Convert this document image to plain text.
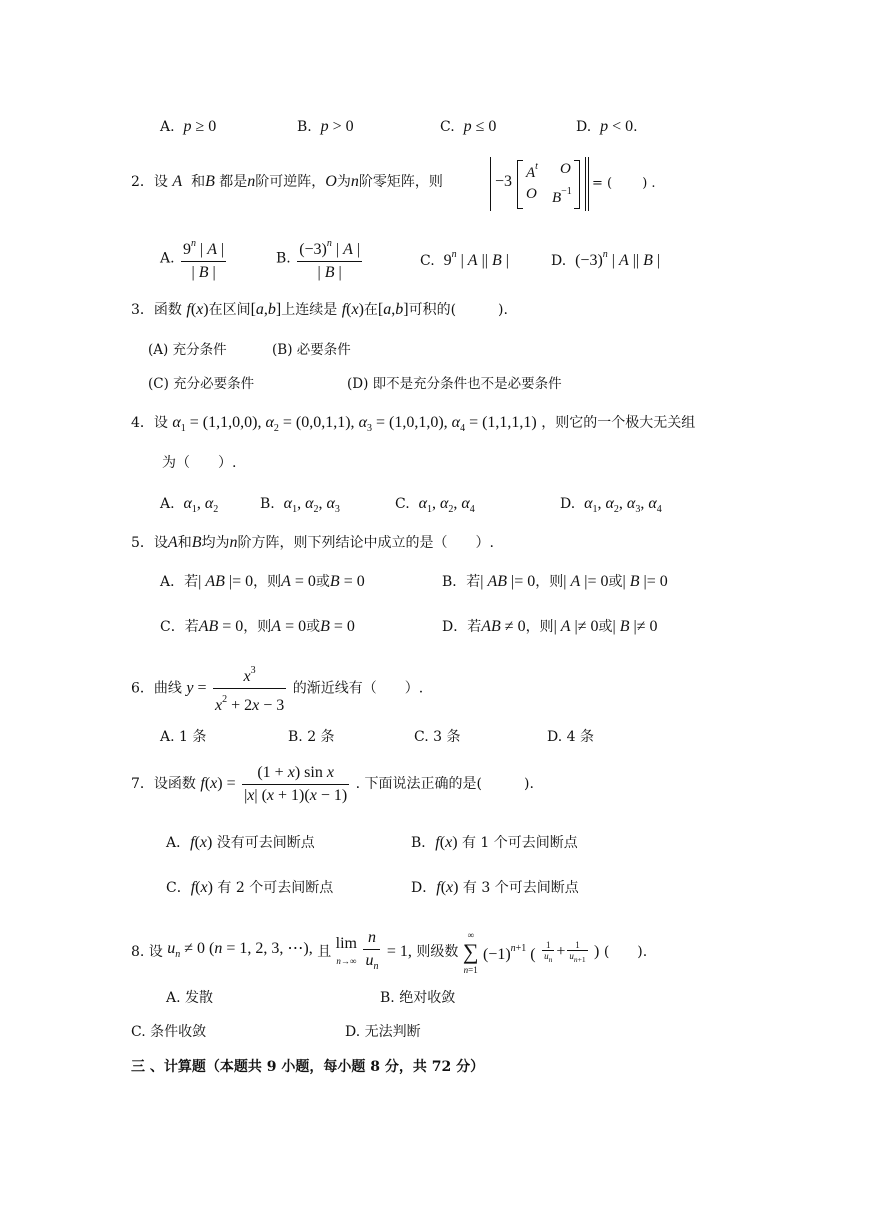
A. p ≥ 0	B. p > 0	C. p ≤ 0	D. p < 0.
2．设 A 和B 都是n阶可逆阵，O为n阶零矩阵，则	−3 $A^t$ O
O $B^{-1}$
= (　　 ) .
A. $\frac{9^n | A |}{| B |}$	B. $\frac{(-3)^n | A |}{| B |}$	C. 9$^n$ | A || B |	D. $(-3)^n$ | A || B |
3．函数 f(x)在区间[a,b]上连续是 f(x)在[a,b]可积的(　　　).
(A) 充分条件	(B) 必要条件
(C) 充分必要条件	(D) 即不是充分条件也不是必要条件
4．设 $\alpha_1 = (1,1,0,0)$, $\alpha_2 = (0,0,1,1)$, $\alpha_3 = (1,0,1,0)$, $\alpha_4 = (1,1,1,1)$ ，则它的一个极大无关组
为（　　）.
A. $\alpha_1$, $\alpha_2$	B. $\alpha_1$, $\alpha_2$, $\alpha_3$	C. $\alpha_1$, $\alpha_2$, $\alpha_4$	D. $\alpha_1$, $\alpha_2$, $\alpha_3$, $\alpha_4$
5．设A和B均为n阶方阵，则下列结论中成立的是（　　）.
A．若| AB |= 0，则A = 0或B = 0	B．若| AB |= 0，则| A |= 0或| B |= 0
C．若AB = 0，则A = 0或B = 0	D．若AB ≠ 0，则| A |≠ 0或| B |≠ 0
6．曲线 $y = \frac{x^3}{x^2 + 2x - 3}$ 的渐近线有（　　）.
A. 1 条	B. 2 条	C. 3 条	D. 4 条
7．设函数 $f(x) = \frac{\text{(1 + x) sin x}}{|x| (x + 1)(x - 1)}$ . 下面说法正确的是(　　　).
A．f(x) 没有可去间断点	B．f(x) 有 1 个可去间断点
C．f(x) 有 2 个可去间断点	D．f(x) 有 3 个可去间断点
8. 设 $u_n \ne 0$ (n = 1, 2, 3, ⋯), 且 lim
$n\to\infty \frac{n}{u_n} = 1$, 则级数 ∞
∑
n=1 $(-1)^{n+1}$ ( $\frac{1}{u_n} + \frac{1}{u_{n+1}}$ ) (　　).
A. 发散	B. 绝对收敛
C. 条件收敛	D. 无法判断
三 、计算题（本题共 9 小题，每小题 8 分，共 72 分）
